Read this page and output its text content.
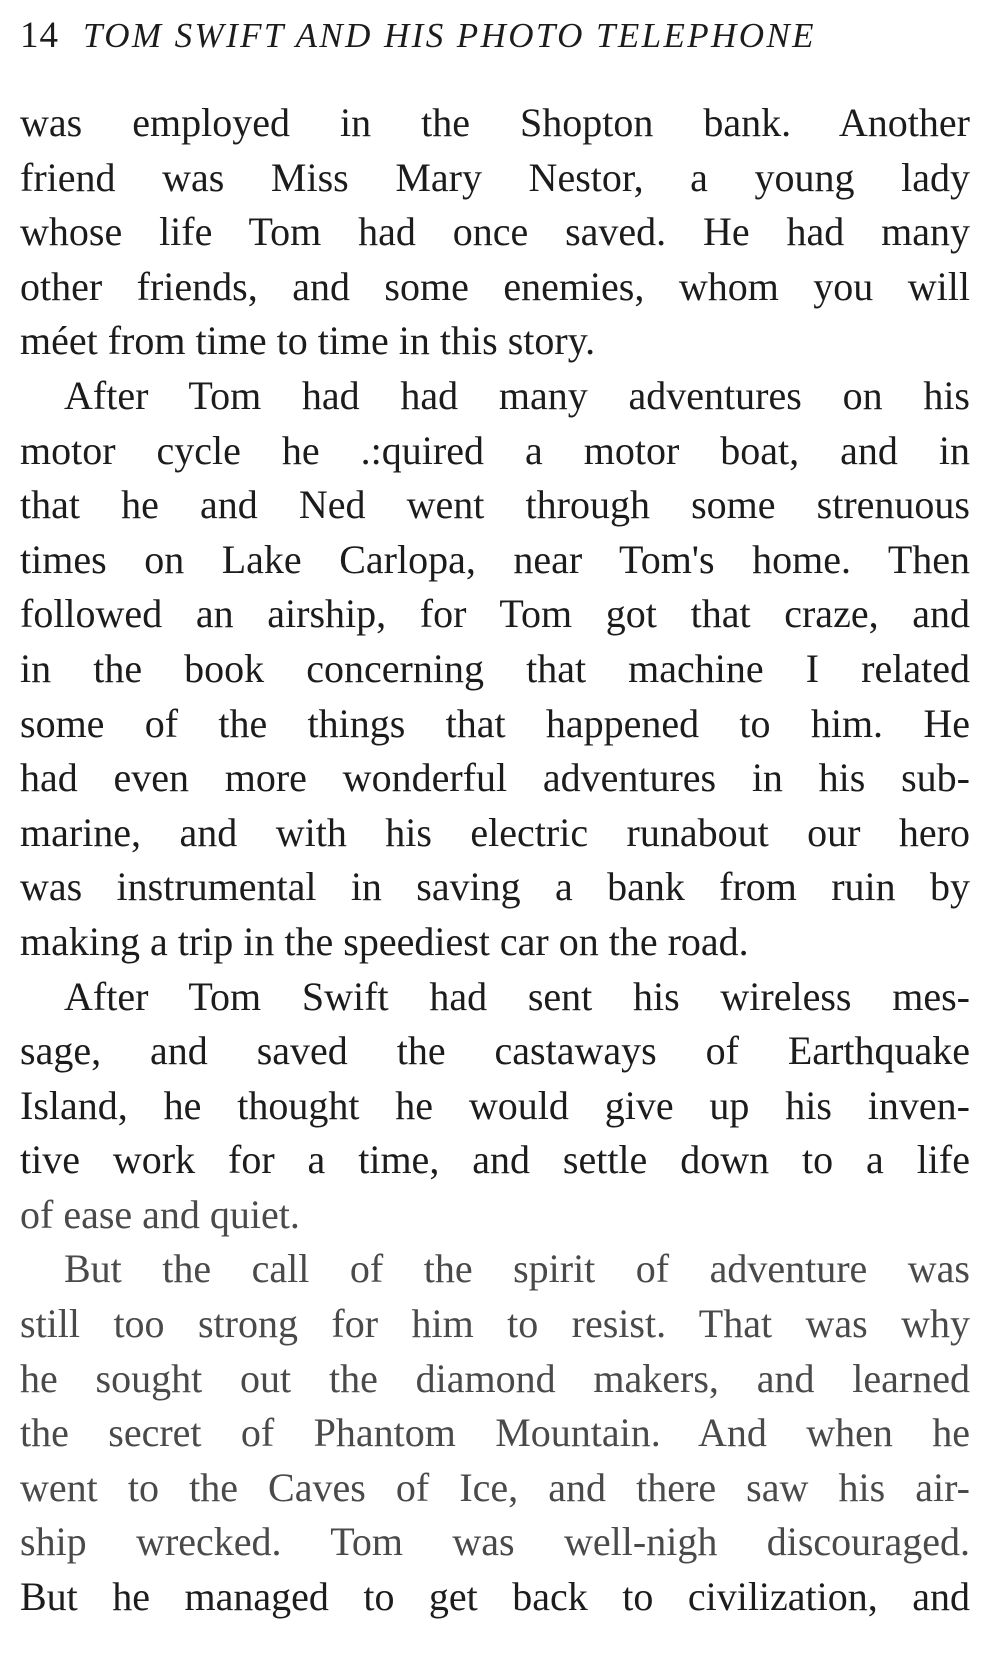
14 TOM SWIFT AND HIS PHOTO TELEPHONE
was employed in the Shopton bank. Another
friend was Miss Mary Nestor, a young lady
whose life Tom had once saved. He had many
other friends, and some enemies, whom you will
méet from time to time in this story.
After Tom had had many adventures on his
motor cycle he .:quired a motor boat, and in
that he and Ned went through some strenuous
times on Lake Carlopa, near Tom's home. Then
followed an airship, for Tom got that craze, and
in the book concerning that machine I related
some of the things that happened to him. He
had even more wonderful adventures in his sub-
marine, and with his electric runabout our hero
was instrumental in saving a bank from ruin by
making a trip in the speediest car on the road.
After Tom Swift had sent his wireless mes-
sage, and saved the castaways of Earthquake
Island, he thought he would give up his inven-
tive work for a time, and settle down to a life
of ease and quiet.
But the call of the spirit of adventure was
still too strong for him to resist. That was why
he sought out the diamond makers, and learned
the secret of Phantom Mountain. And when he
went to the Caves of Ice, and there saw his air-
ship wrecked. Tom was well-nigh discouraged.
But he managed to get back to civilization, and
